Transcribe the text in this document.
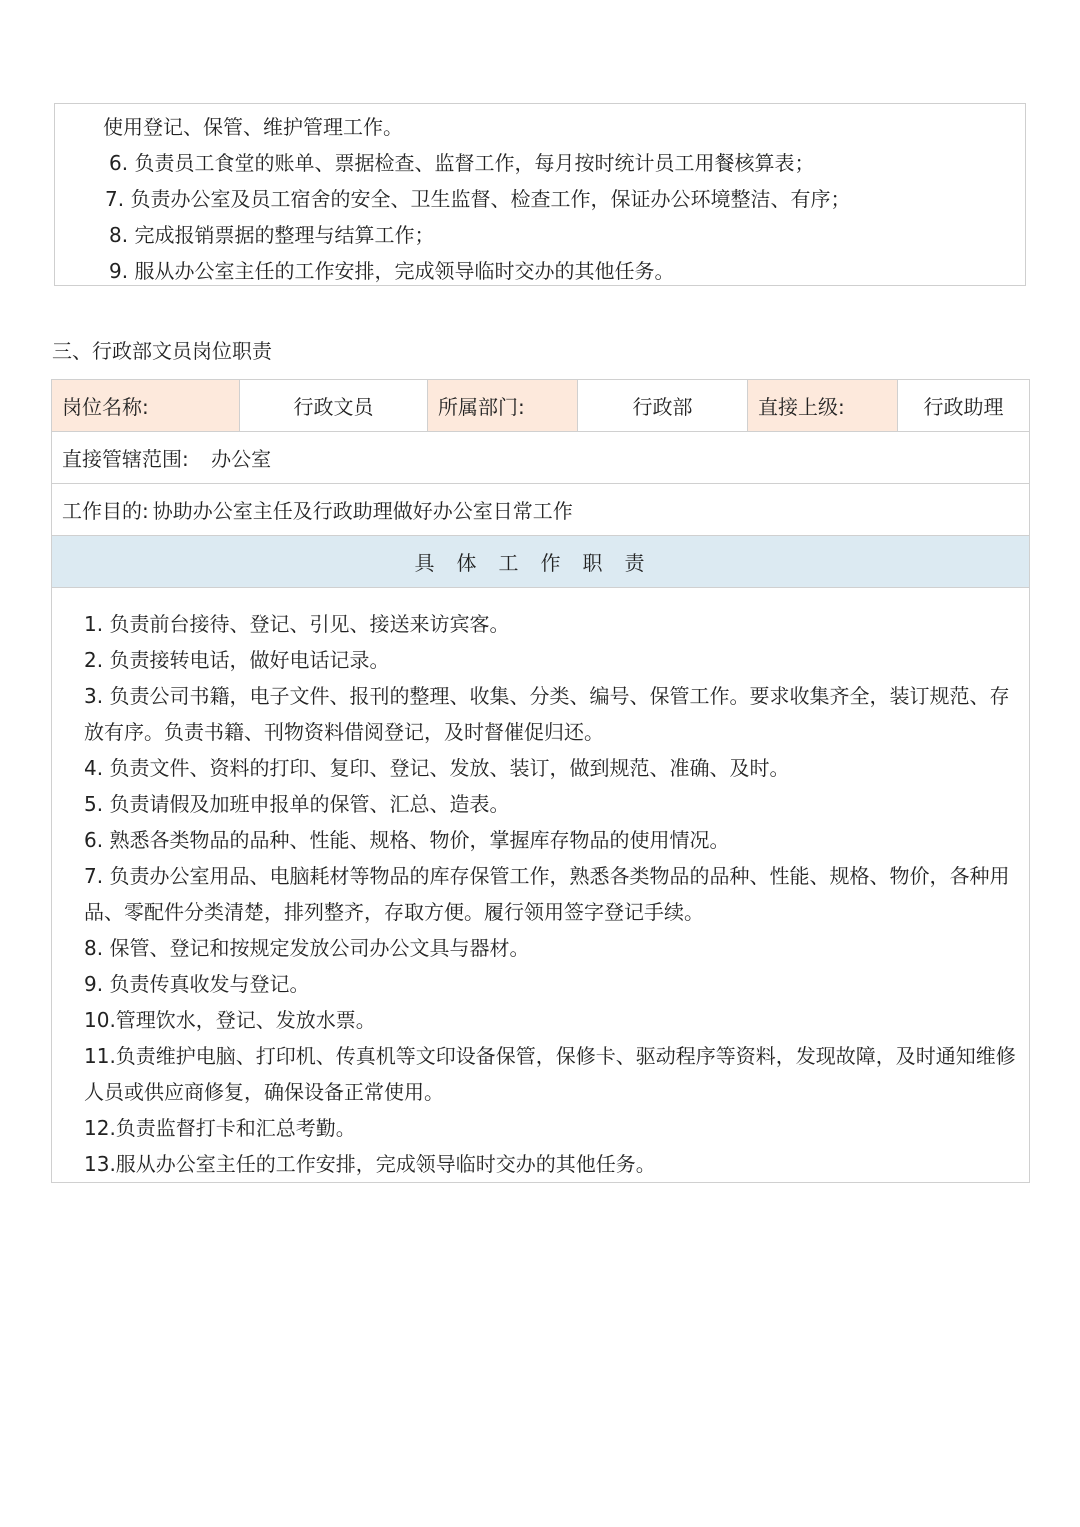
使用登记、保管、维护管理工作。
6. 负责员工食堂的账单、票据检查、监督工作，每月按时统计员工用餐核算表；
7. 负责办公室及员工宿舍的安全、卫生监督、检查工作，保证办公环境整洁、有序；
8. 完成报销票据的整理与结算工作；
9. 服从办公室主任的工作安排，完成领导临时交办的其他任务。
三、行政部文员岗位职责
岗位名称:	行政文员	所属部门:	行政部	直接上级:	行政助理
直接管辖范围: 办公室
工作目的: 协助办公室主任及行政助理做好办公室日常工作
具体工作职责

1. 负责前台接待、登记、引见、接送来访宾客。
2. 负责接转电话，做好电话记录。
3. 负责公司书籍，电子文件、报刊的整理、收集、分类、编号、保管工作。要求收集齐全，装订规范、存放有序。负责书籍、刊物资料借阅登记，及时督催促归还。
4. 负责文件、资料的打印、复印、登记、发放、装订，做到规范、准确、及时。
5. 负责请假及加班申报单的保管、汇总、造表。
6. 熟悉各类物品的品种、性能、规格、物价，掌握库存物品的使用情况。
7. 负责办公室用品、电脑耗材等物品的库存保管工作，熟悉各类物品的品种、性能、规格、物价，各种用品、零配件分类清楚，排列整齐，存取方便。履行领用签字登记手续。
8. 保管、登记和按规定发放公司办公文具与器材。
9. 负责传真收发与登记。
10.管理饮水，登记、发放水票。
11.负责维护电脑、打印机、传真机等文印设备保管，保修卡、驱动程序等资料，发现故障，及时通知维修人员或供应商修复，确保设备正常使用。
12.负责监督打卡和汇总考勤。
13.服从办公室主任的工作安排，完成领导临时交办的其他任务。
